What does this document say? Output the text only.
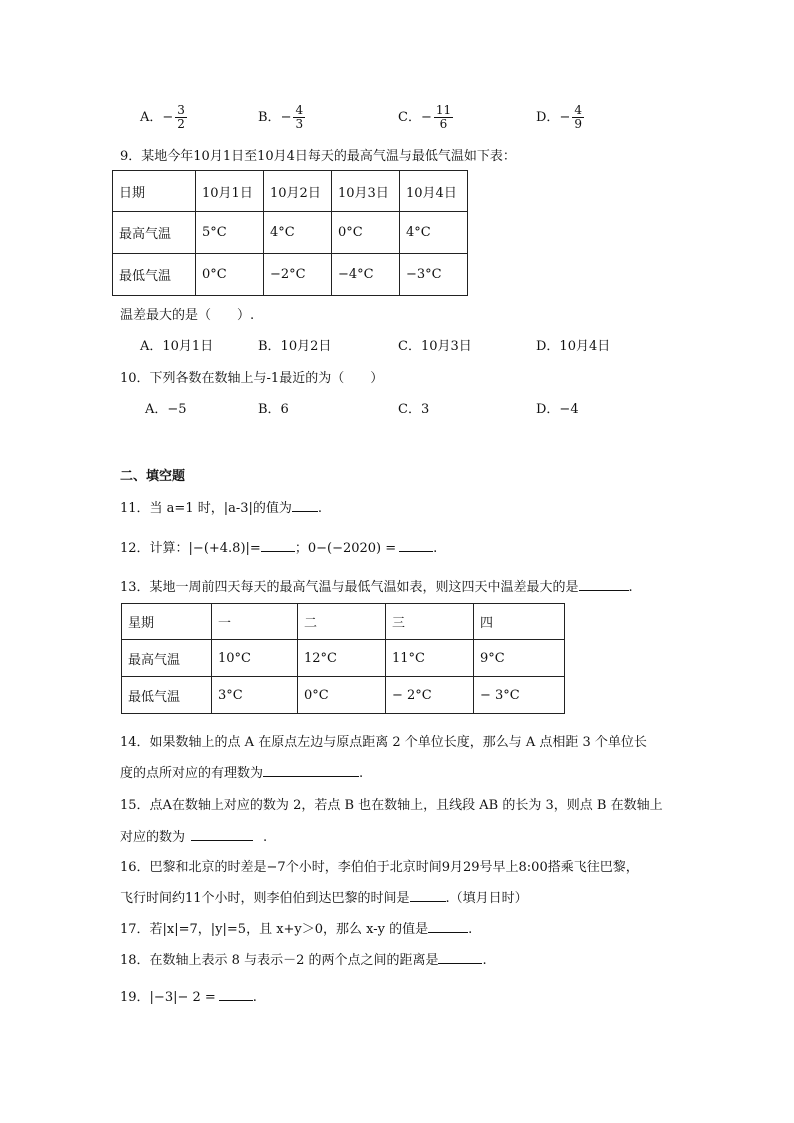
A．− $\frac{3}{2}$	B．− $\frac{4}{3}$	C．− $\frac{11}{6}$	D．− $\frac{4}{9}$
9．某地今年10月1日至10月4日每天的最高气温与最低气温如下表：
日期	10月1日	10月2日	10月3日	10月4日
最高气温	5°C	4°C	0°C	4°C
最低气温	0°C	−2°C	−4°C	−3°C
温差最大的是（　　）.
A．10月1日	B．10月2日	C．10月3日	D．10月4日
10．下列各数在数轴上与-1最近的为（　　）
A．−5	B．6	C．3	D．−4
二、填空题
11．当 a=1 时，|a-3|的值为 .
12．计算：|−(+4.8)|=	；0−(−2020) =	.
13．某地一周前四天每天的最高气温与最低气温如表，则这四天中温差最大的是	.
星期	一	二	三	四
最高气温	10°C	12°C	11°C	9°C
最低气温	3°C	0°C	− 2°C	− 3°C
14．如果数轴上的点 A 在原点左边与原点距离 2 个单位长度，那么与 A 点相距 3 个单位长
度的点所对应的有理数为	.
15．点A在数轴上对应的数为 2，若点 B 也在数轴上，且线段 AB 的长为 3，则点 B 在数轴上
对应的数为	.
16．巴黎和北京的时差是−7个小时，李伯伯于北京时间9月29号早上8:00搭乘飞往巴黎，
飞行时间约11个小时，则李伯伯到达巴黎的时间是	.（填月日时）
17．若|x|=7，|y|=5，且 x+y＞0，那么 x-y 的值是	.
18．在数轴上表示 8 与表示－2 的两个点之间的距离是	.
19．|−3|− 2 =	.
